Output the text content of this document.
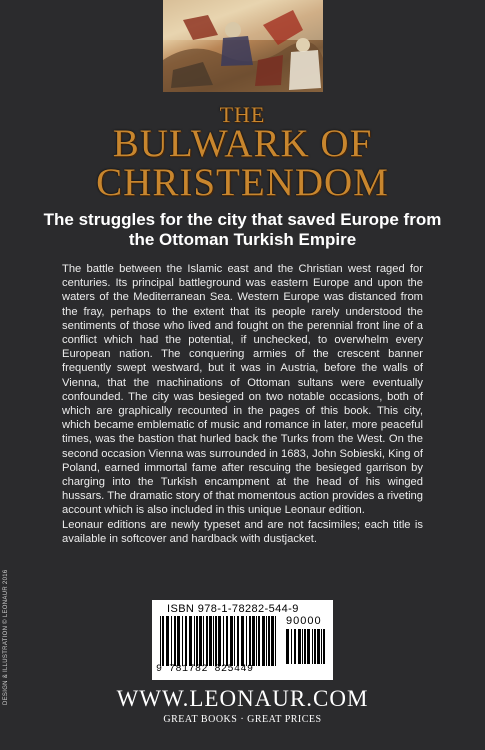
THE
BULWARK OF
CHRISTENDOM
The struggles for the city that saved Europe from the Ottoman Turkish Empire

The battle between the Islamic east and the Christian west raged for centuries. Its principal battleground was eastern Europe and upon the waters of the Mediterranean Sea. Western Europe was distanced from the fray, perhaps to the extent that its people rarely understood the sentiments of those who lived and fought on the perennial front line of a conflict which had the potential, if unchecked, to overwhelm every European nation. The conquering armies of the crescent banner frequently swept westward, but it was in Austria, before the walls of Vienna, that the machinations of Ottoman sultans were eventually confounded. The city was besieged on two notable occasions, both of which are graphically recounted in the pages of this book. This city, which became emblematic of music and romance in later, more peaceful times, was the bastion that hurled back the Turks from the West. On the second occasion Vienna was surrounded in 1683, John Sobieski, King of Poland, earned immortal fame after rescuing the besieged garrison by charging into the Turkish encampment at the head of his winged hussars. The dramatic story of that momentous action provides a riveting account which is also included in this unique Leonaur edition.

Leonaur editions are newly typeset and are not facsimiles; each title is available in softcover and hardback with dustjacket.

DESIGN & ILLUSTRATION © LEONAUR 2016	ISBN 978-1-78282-544-9
90000
9 781782 825449
WWW.LEONAUR.COM
GREAT BOOKS · GREAT PRICES
